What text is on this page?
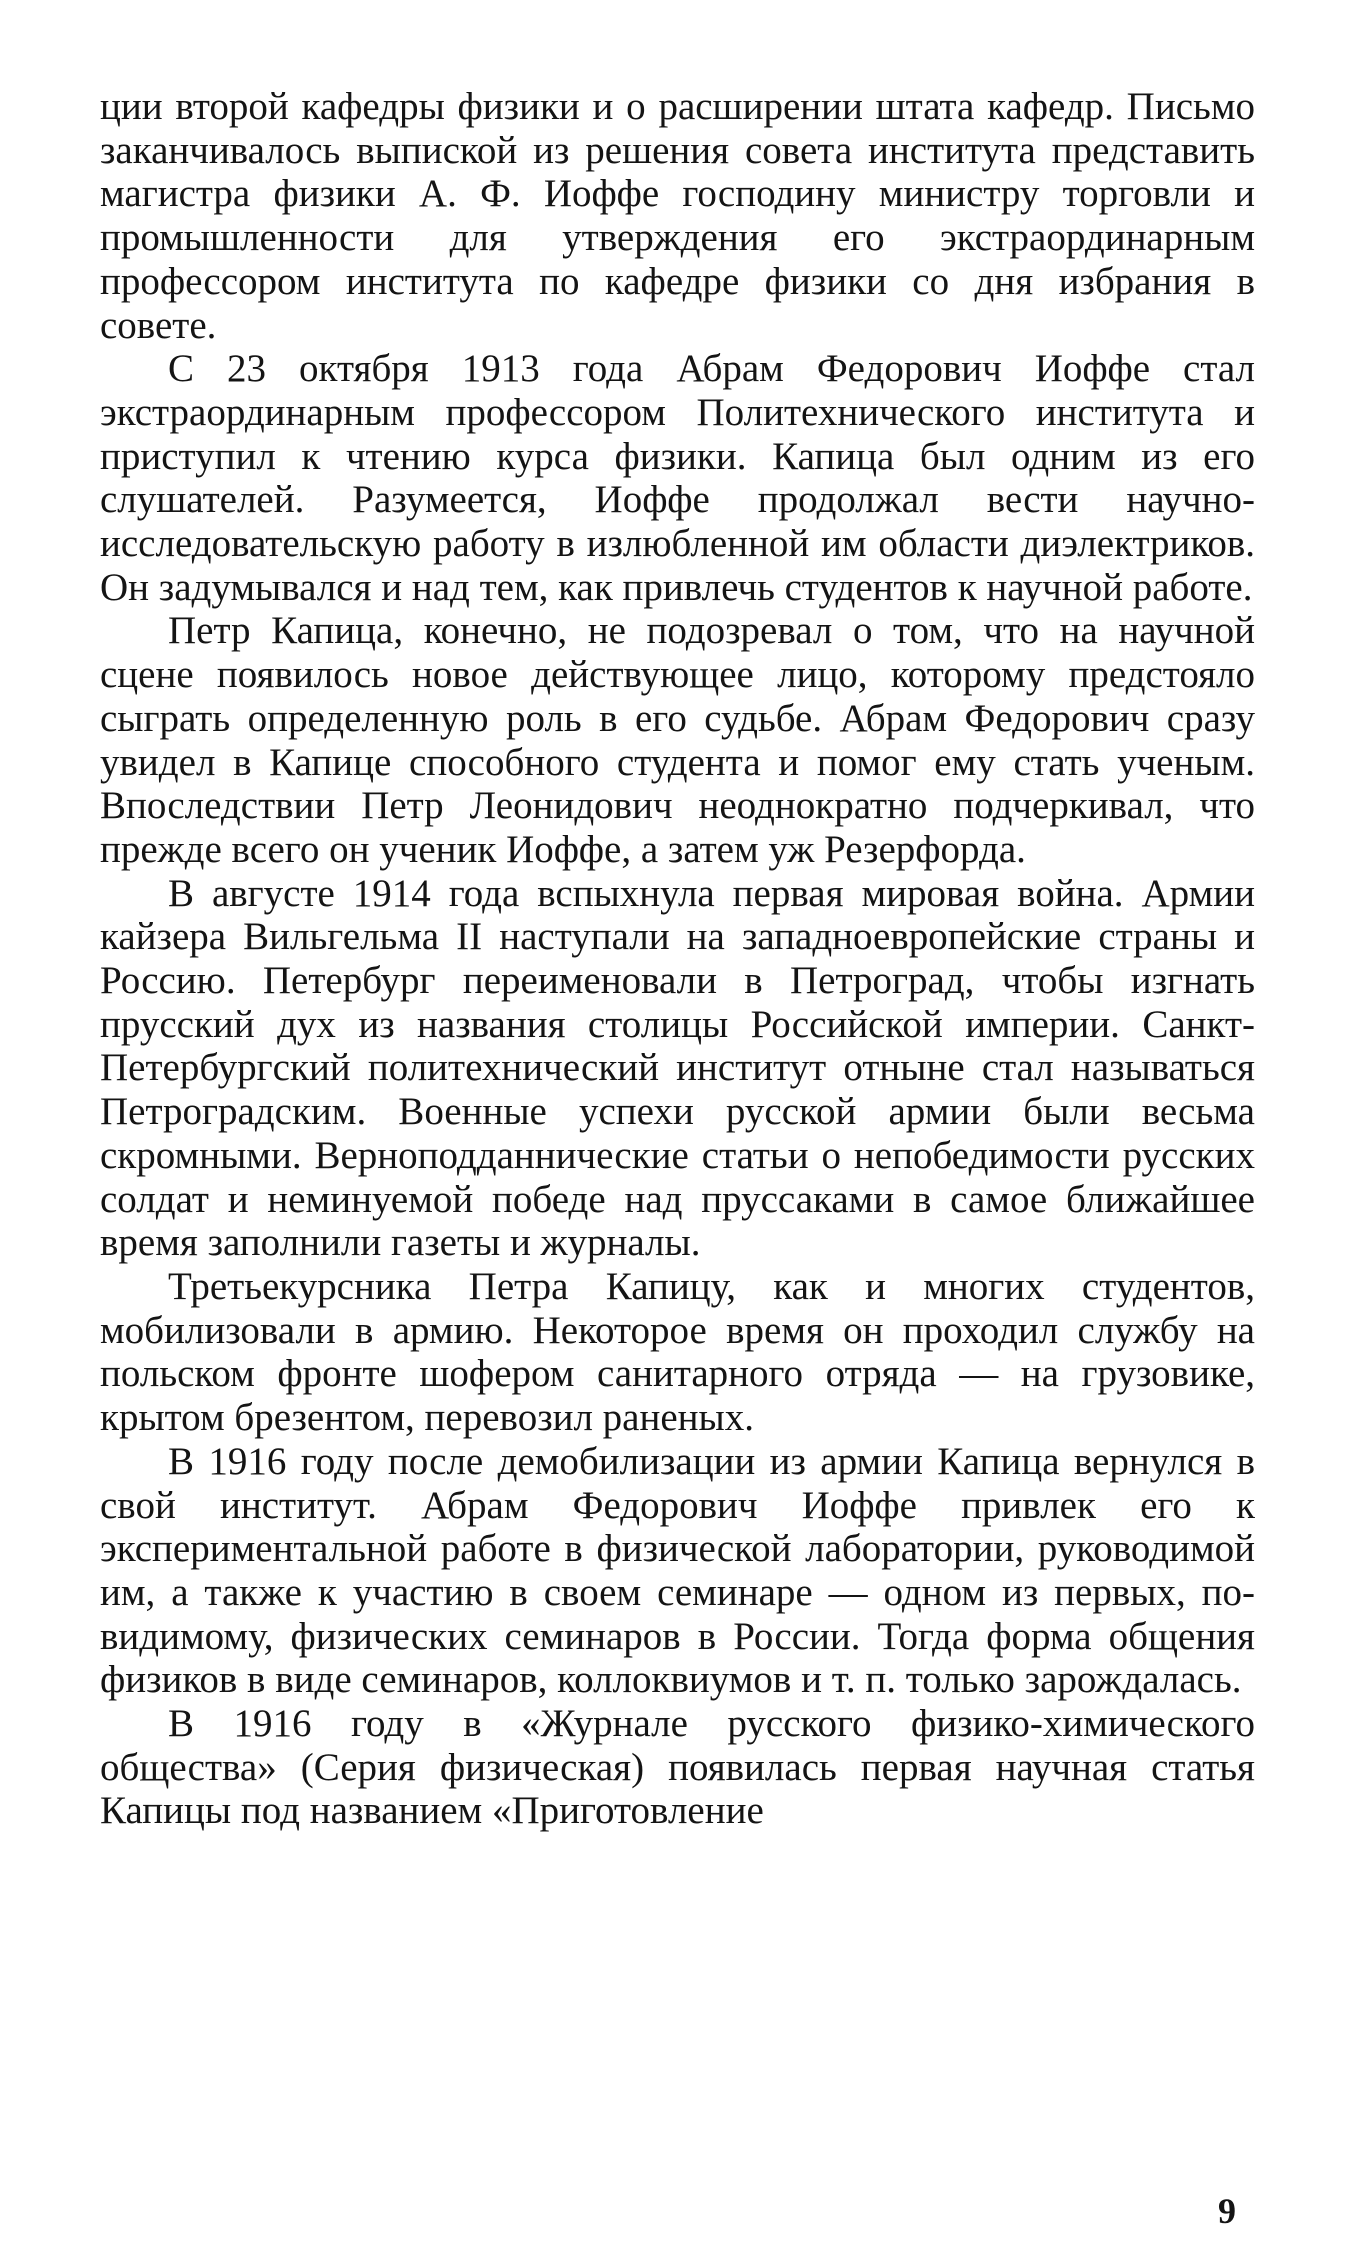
ции второй кафедры физики и о расширении штата кафедр. Письмо заканчивалось выпиской из решения совета института представить магистра физики А. Ф. Иоффе господину министру торговли и промышленности для утверждения его экстраординарным профессором института по кафедре физики со дня избрания в совете.

С 23 октября 1913 года Абрам Федорович Иоффе стал экстраординарным профессором Политехнического института и приступил к чтению курса физики. Капица был одним из его слушателей. Разумеется, Иоффе продолжал вести научно-исследовательскую работу в излюбленной им области диэлектриков. Он задумывался и над тем, как привлечь студентов к научной работе.

Петр Капица, конечно, не подозревал о том, что на научной сцене появилось новое действующее лицо, которому предстояло сыграть определенную роль в его судьбе. Абрам Федорович сразу увидел в Капице способного студента и помог ему стать ученым. Впоследствии Петр Леонидович неоднократно подчеркивал, что прежде всего он ученик Иоффе, а затем уж Резерфорда.

В августе 1914 года вспыхнула первая мировая война. Армии кайзера Вильгельма II наступали на западноевропейские страны и Россию. Петербург переименовали в Петроград, чтобы изгнать прусский дух из названия столицы Российской империи. Санкт-Петербургский политехнический институт отныне стал называться Петроградским. Военные успехи русской армии были весьма скромными. Верноподданнические статьи о непобедимости русских солдат и неминуемой победе над пруссаками в самое ближайшее время заполнили газеты и журналы.

Третьекурсника Петра Капицу, как и многих студентов, мобилизовали в армию. Некоторое время он проходил службу на польском фронте шофером санитарного отряда — на грузовике, крытом брезентом, перевозил раненых.

В 1916 году после демобилизации из армии Капица вернулся в свой институт. Абрам Федорович Иоффе привлек его к экспериментальной работе в физической лаборатории, руководимой им, а также к участию в своем семинаре — одном из первых, по-видимому, физических семинаров в России. Тогда форма общения физиков в виде семинаров, коллоквиумов и т. п. только зарождалась.

В 1916 году в «Журнале русского физико-химического общества» (Серия физическая) появилась первая научная статья Капицы под названием «Приготовление

9
